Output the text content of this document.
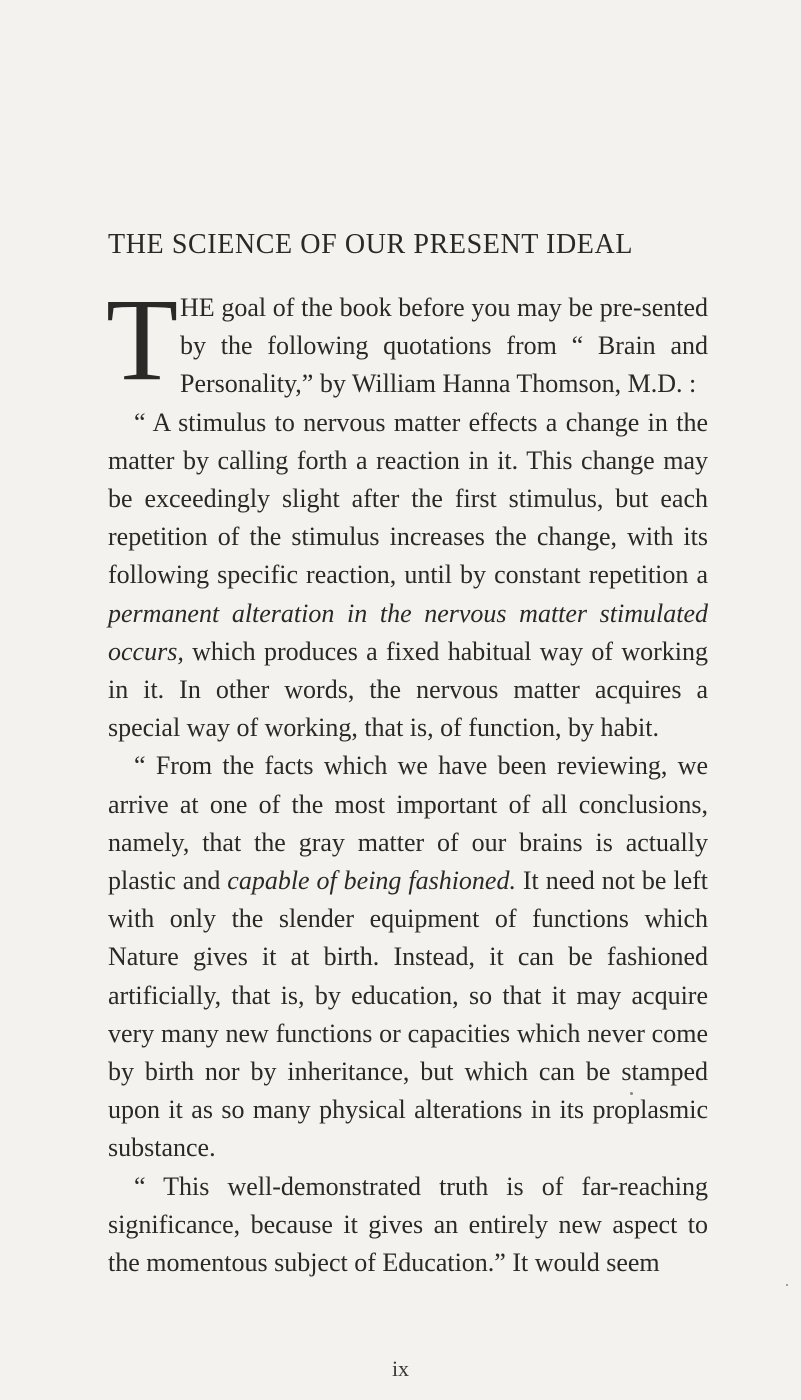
THE SCIENCE OF OUR PRESENT IDEAL

THE goal of the book before you may be pre-sented by the following quotations from “ Brain and Personality,” by William Hanna Thomson, M.D. :

“ A stimulus to nervous matter effects a change in the matter by calling forth a reaction in it. This change may be exceedingly slight after the first stimulus, but each repetition of the stimulus increases the change, with its following specific reaction, until by constant repetition a permanent alteration in the nervous matter stimulated occurs, which produces a fixed habitual way of working in it. In other words, the nervous matter acquires a special way of working, that is, of function, by habit.

“ From the facts which we have been reviewing, we arrive at one of the most important of all conclusions, namely, that the gray matter of our brains is actually plastic and capable of being fashioned. It need not be left with only the slender equipment of functions which Nature gives it at birth. Instead, it can be fashioned artificially, that is, by education, so that it may acquire very many new functions or capacities which never come by birth nor by inheritance, but which can be stamped upon it as so many physical alterations in its proplasmic substance.

“ This well-demonstrated truth is of far-reaching significance, because it gives an entirely new aspect to the momentous subject of Education.” It would seem

ix
